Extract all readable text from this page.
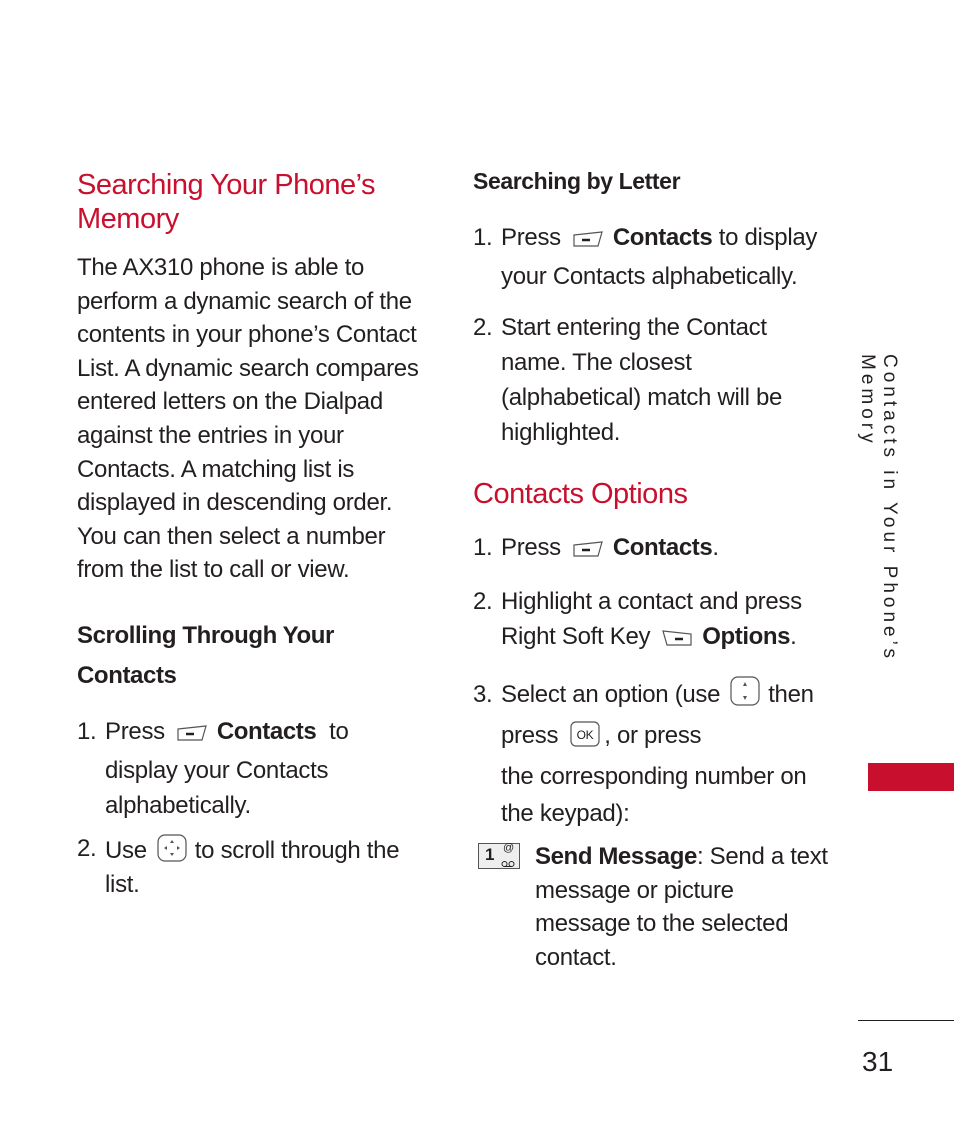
Searching Your Phone’s Memory
The AX310 phone is able to perform a dynamic search of the contents in your phone’s Contact List. A dynamic search compares entered letters on the Dialpad against the entries in your Contacts. A matching list is displayed in descending order. You can then select a number from the list to call or view.
Scrolling Through Your
Contacts
1. Press Contacts to
display your Contacts
alphabetically.
2. Use to scroll through the
list.
Searching by Letter
1. Press Contacts to display
your Contacts alphabetically.
2. Start entering the Contact
name. The closest
(alphabetical) match will be
highlighted.
Contacts Options
1. Press Contacts.
2. Highlight a contact and press
Right Soft Key Options.
3. Select an option (use then
press OK , or press
the corresponding number on
the keypad):
1 @ Send Message: Send a text
message or picture
message to the selected
contact.
Contacts in Your Phone’s Memory
31
